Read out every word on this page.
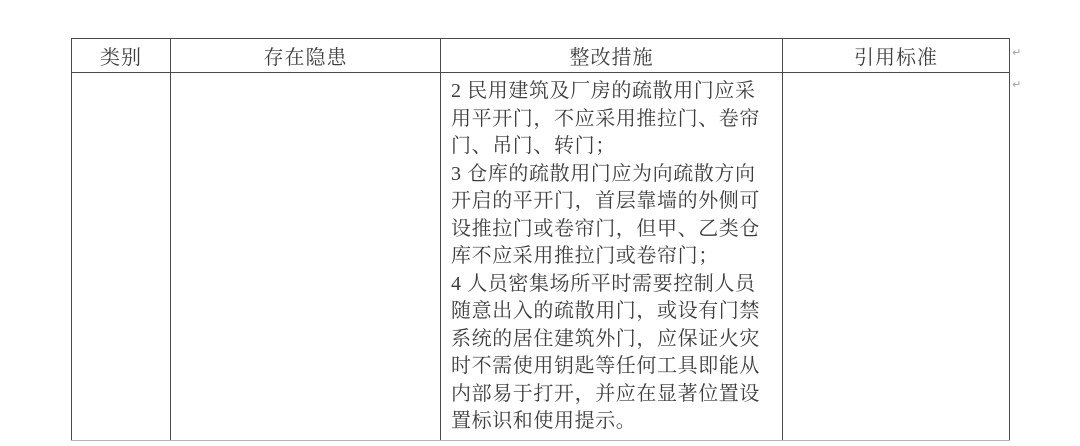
类别	存在隐患	整改措施	引用标准

		2 民用建筑及厂房的疏散用门应采用平开门，不应采用推拉门、卷帘门、吊门、转门；

3 仓库的疏散用门应为向疏散方向开启的平开门，首层靠墙的外侧可设推拉门或卷帘门，但甲、乙类仓库不应采用推拉门或卷帘门；

4 人员密集场所平时需要控制人员随意出入的疏散用门，或设有门禁系统的居住建筑外门，应保证火灾时不需使用钥匙等任何工具即能从内部易于打开，并应在显著位置设置标识和使用提示。	

↵
↵
